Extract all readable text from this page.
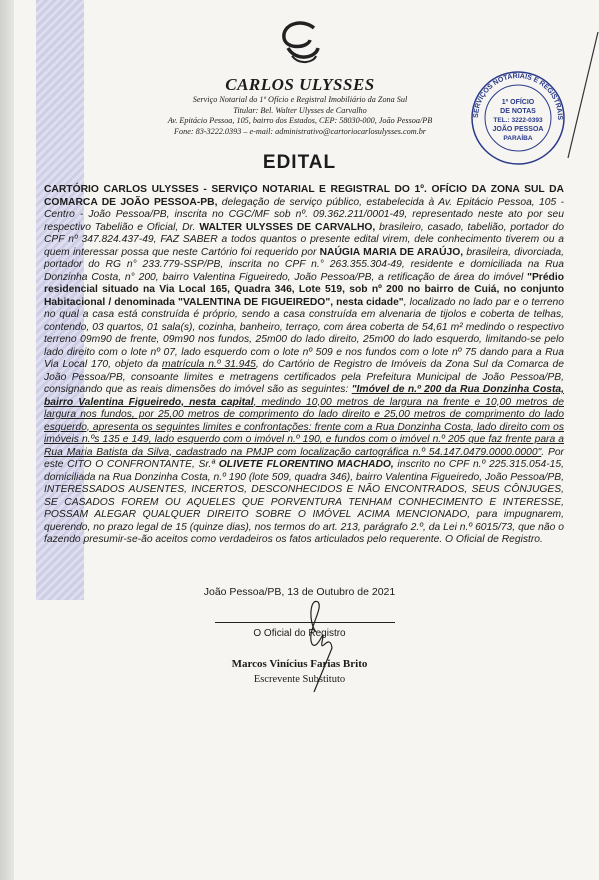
CARLOS ULYSSES
Serviço Notarial do 1º Ofício e Registral Imobiliário da Zona Sul
Titular: Bel. Walter Ulysses de Carvalho
Av. Epitácio Pessoa, 105, bairro dos Estados, CEP: 58030-000, João Pessoa/PB
Fone: 83-3222.0393 – e-mail: administrativo@cartoriocarlosulysses.com.br
SERVIÇOS NOTARIAIS E REGISTRAIS
1º OFÍCIO
DE NOTAS
TEL.: 3222-0393
JOÃO PESSOA
PARAÍBA
EDITAL

CARTÓRIO CARLOS ULYSSES - SERVIÇO NOTARIAL E REGISTRAL DO 1º. OFÍCIO DA ZONA SUL DA COMARCA DE JOÃO PESSOA-PB, delegação de serviço público, estabelecida à Av. Epitácio Pessoa, 105 - Centro - João Pessoa/PB, inscrita no CGC/MF sob nº. 09.362.211/0001-49, representado neste ato por seu respectivo Tabelião e Oficial, Dr. WALTER ULYSSES DE CARVALHO, brasileiro, casado, tabelião, portador do CPF nº 347.824.437-49, FAZ SABER a todos quantos o presente edital virem, dele conhecimento tiverem ou a quem interessar possa que neste Cartório foi requerido por NAÚGIA MARIA DE ARAÚJO, brasileira, divorciada, portador do RG n° 233.779-SSP/PB, inscrita no CPF n.° 263.355.304-49, residente e domiciliada na Rua Donzinha Costa, n° 200, bairro Valentina Figueiredo, João Pessoa/PB, a retificação de área do imóvel "Prédio residencial situado na Via Local 165, Quadra 346, Lote 519, sob nº 200 no bairro de Cuiá, no conjunto Habitacional / denominada "VALENTINA DE FIGUEIREDO", nesta cidade", localizado no lado par e o terreno no qual a casa está construída é próprio, sendo a casa construída em alvenaria de tijolos e coberta de telhas, contendo, 03 quartos, 01 sala(s), cozinha, banheiro, terraço, com área coberta de 54,61 m² medindo o respectivo terreno 09m90 de frente, 09m90 nos fundos, 25m00 do lado direito, 25m00 do lado esquerdo, limitando-se pelo lado direito com o lote nº 07, lado esquerdo com o lote nº 509 e nos fundos com o lote nº 75 dando para a Rua Via Local 170, objeto da matrícula n.º 31.945, do Cartório de Registro de Imóveis da Zona Sul da Comarca de João Pessoa/PB, consoante limites e metragens certificados pela Prefeitura Municipal de João Pessoa/PB, consignando que as reais dimensões do imóvel são as seguintes: "Imóvel de n.º 200 da Rua Donzinha Costa, bairro Valentina Figueiredo, nesta capital, medindo 10,00 metros de largura na frente e 10,00 metros de largura nos fundos, por 25,00 metros de comprimento do lado direito e 25,00 metros de comprimento do lado esquerdo, apresenta os seguintes limites e confrontações: frente com a Rua Donzinha Costa, lado direito com os imóveis n.ºs 135 e 149, lado esquerdo com o imóvel n.º 190, e fundos com o imóvel n.º 205 que faz frente para a Rua Maria Batista da Silva, cadastrado na PMJP com localização cartográfica n.º 54.147.0479.0000.0000". Por este CITO O CONFRONTANTE, Sr.ª OLIVETE FLORENTINO MACHADO, inscrito no CPF n.º 225.315.054-15, domiciliada na Rua Donzinha Costa, n.º 190 (lote 509, quadra 346), bairro Valentina Figueiredo, João Pessoa/PB, INTERESSADOS AUSENTES, INCERTOS, DESCONHECIDOS E NÃO ENCONTRADOS, SEUS CÔNJUGES, SE CASADOS FOREM OU AQUELES QUE PORVENTURA TENHAM CONHECIMENTO E INTERESSE, POSSAM ALEGAR QUALQUER DIREITO SOBRE O IMÓVEL ACIMA MENCIONADO, para impugnarem, querendo, no prazo legal de 15 (quinze dias), nos termos do art. 213, parágrafo 2.º, da Lei n.º 6015/73, que não o fazendo presumir-se-ão aceitos como verdadeiros os fatos articulados pelo requerente. O Oficial de Registro.

João Pessoa/PB, 13 de Outubro de 2021
O Oficial do Registro
Marcos Vinícius Farias Brito
Escrevente Substituto
